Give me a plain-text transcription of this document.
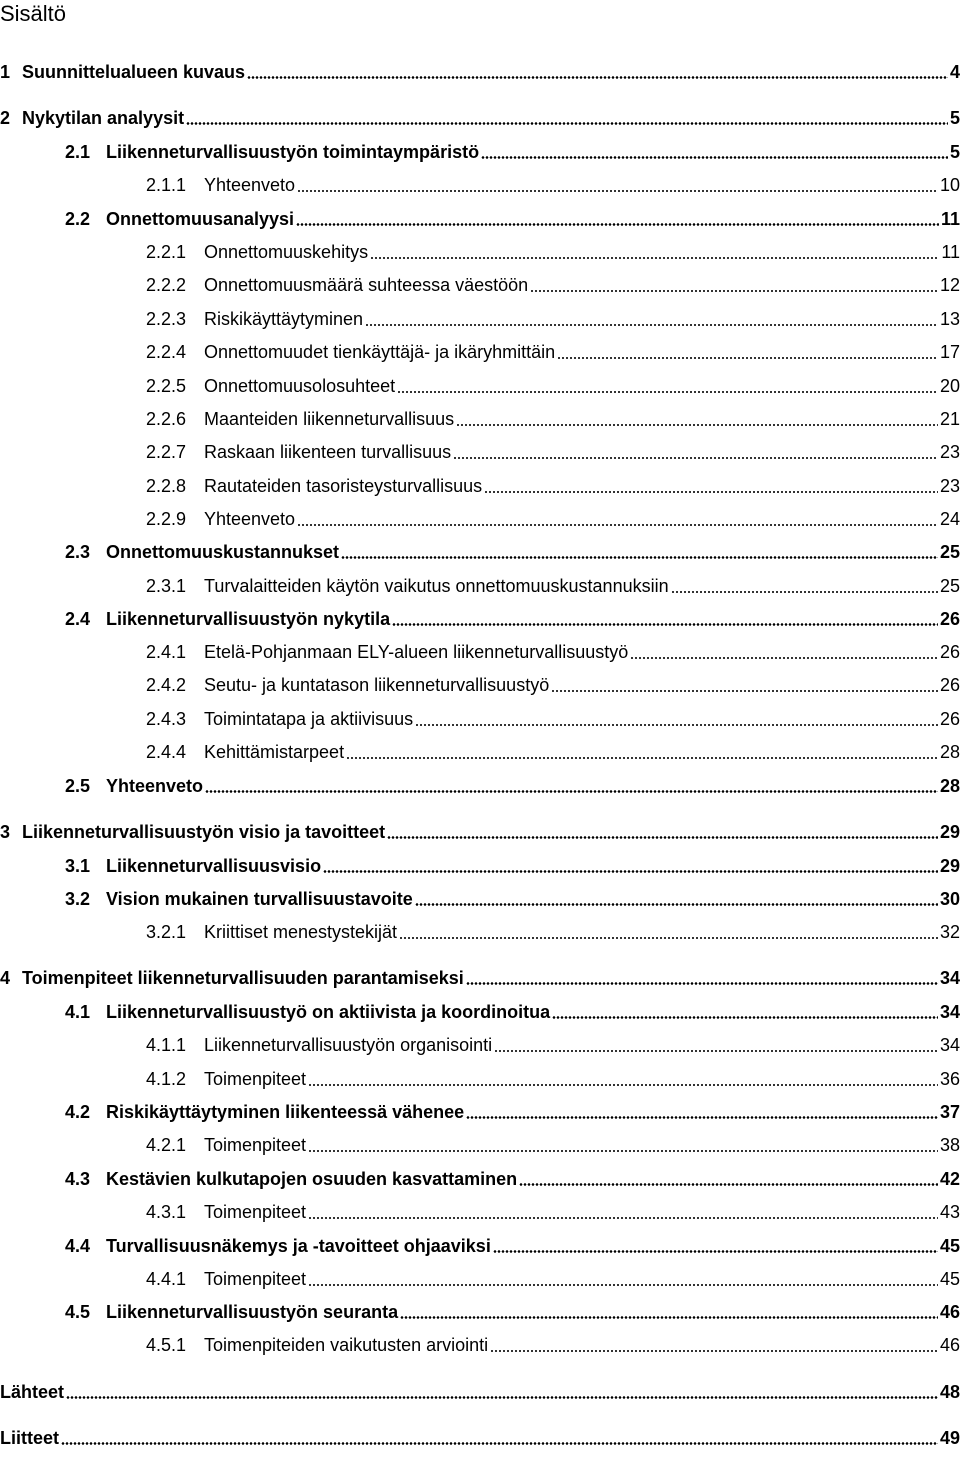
Sisältö
1 Suunnittelualueen kuvaus	4
2 Nykytilan analyysit	5
2.1 Liikenneturvallisuustyön toimintaympäristö	5
2.1.1 Yhteenveto	10
2.2 Onnettomuusanalyysi	11
2.2.1 Onnettomuuskehitys	11
2.2.2 Onnettomuusmäärä suhteessa väestöön	12
2.2.3 Riskikäyttäytyminen	13
2.2.4 Onnettomuudet tienkäyttäjä- ja ikäryhmittäin	17
2.2.5 Onnettomuusolosuhteet	20
2.2.6 Maanteiden liikenneturvallisuus	21
2.2.7 Raskaan liikenteen turvallisuus	23
2.2.8 Rautateiden tasoristeysturvallisuus	23
2.2.9 Yhteenveto	24
2.3 Onnettomuuskustannukset	25
2.3.1 Turvalaitteiden käytön vaikutus onnettomuuskustannuksiin	25
2.4 Liikenneturvallisuustyön nykytila	26
2.4.1 Etelä-Pohjanmaan ELY-alueen liikenneturvallisuustyö	26
2.4.2 Seutu- ja kuntatason liikenneturvallisuustyö	26
2.4.3 Toimintatapa ja aktiivisuus	26
2.4.4 Kehittämistarpeet	28
2.5 Yhteenveto	28
3 Liikenneturvallisuustyön visio ja tavoitteet	29
3.1 Liikenneturvallisuusvisio	29
3.2 Vision mukainen turvallisuustavoite	30
3.2.1 Kriittiset menestystekijät	32
4 Toimenpiteet liikenneturvallisuuden parantamiseksi	34
4.1 Liikenneturvallisuustyö on aktiivista ja koordinoitua	34
4.1.1 Liikenneturvallisuustyön organisointi	34
4.1.2 Toimenpiteet	36
4.2 Riskikäyttäytyminen liikenteessä vähenee	37
4.2.1 Toimenpiteet	38
4.3 Kestävien kulkutapojen osuuden kasvattaminen	42
4.3.1 Toimenpiteet	43
4.4 Turvallisuusnäkemys ja -tavoitteet ohjaaviksi	45
4.4.1 Toimenpiteet	45
4.5 Liikenneturvallisuustyön seuranta	46
4.5.1 Toimenpiteiden vaikutusten arviointi	46
Lähteet	48
Liitteet	49
